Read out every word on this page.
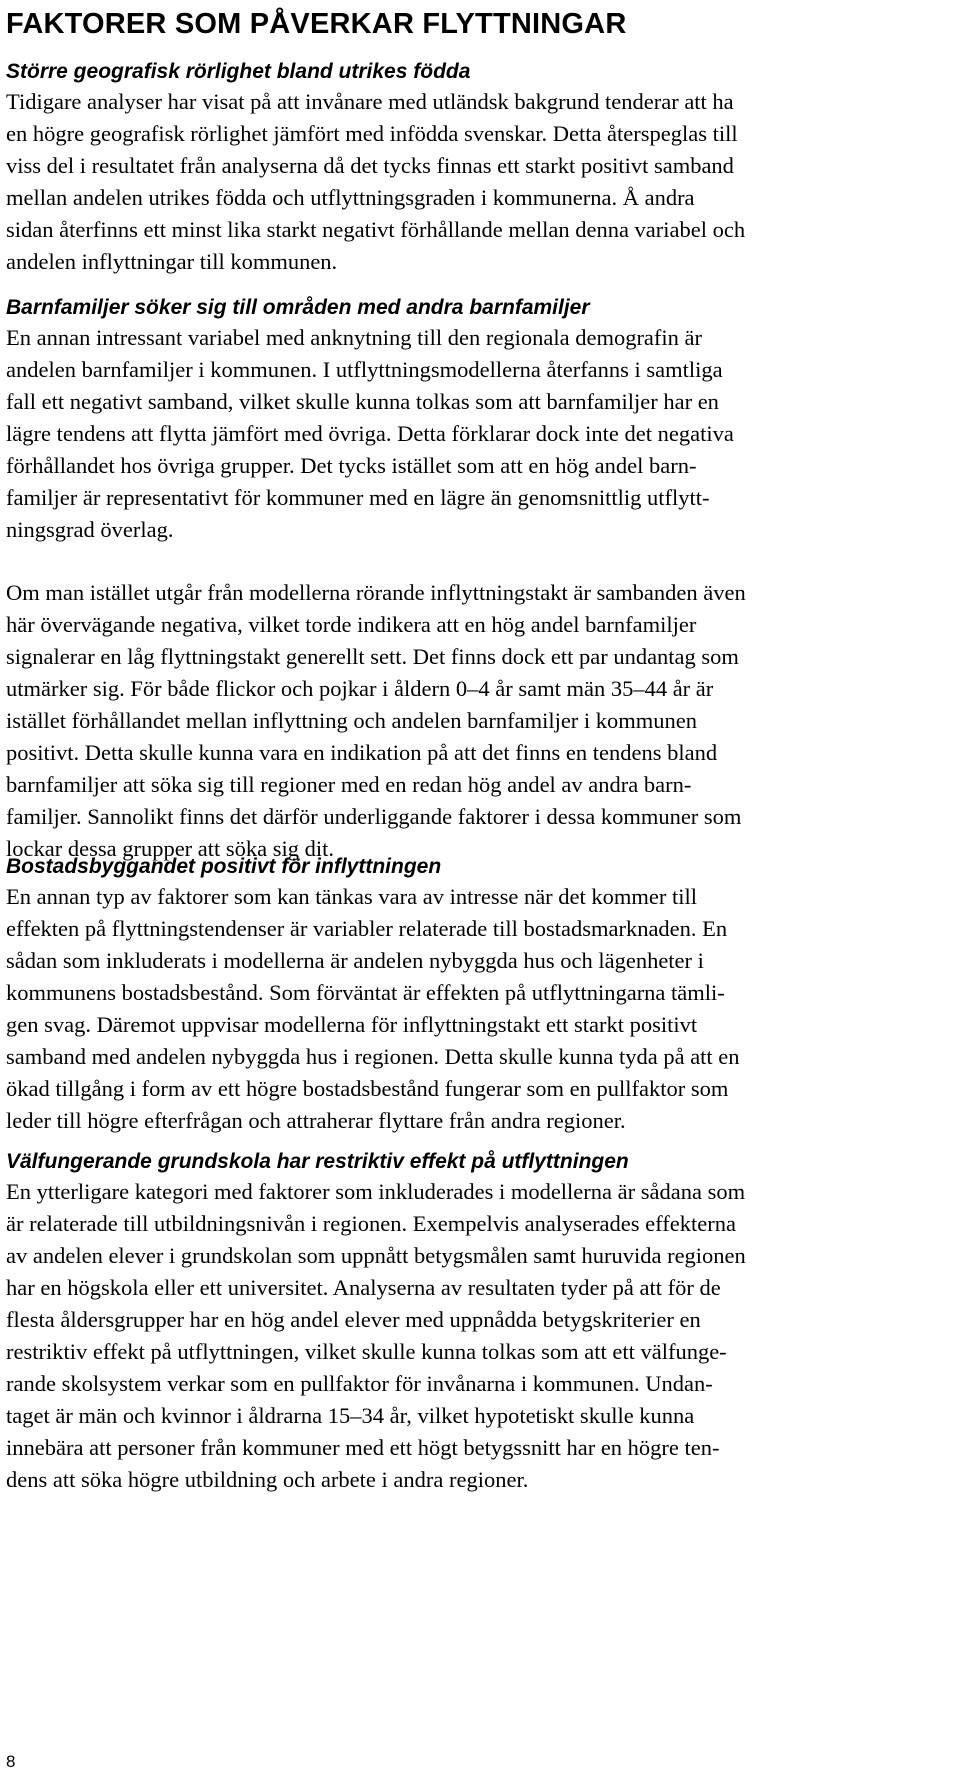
FAKTORER SOM PÅVERKAR FLYTTNINGAR
Större geografisk rörlighet bland utrikes födda

Tidigare analyser har visat på att invånare med utländsk bakgrund tenderar att ha
en högre geografisk rörlighet jämfört med infödda svenskar. Detta återspeglas till
viss del i resultatet från analyserna då det tycks finnas ett starkt positivt samband
mellan andelen utrikes födda och utflyttningsgraden i kommunerna. Å andra
sidan återfinns ett minst lika starkt negativt förhållande mellan denna variabel och
andelen inflyttningar till kommunen.

Barnfamiljer söker sig till områden med andra barnfamiljer

En annan intressant variabel med anknytning till den regionala demografin är
andelen barnfamiljer i kommunen. I utflyttningsmodellerna återfanns i samtliga
fall ett negativt samband, vilket skulle kunna tolkas som att barnfamiljer har en
lägre tendens att flytta jämfört med övriga. Detta förklarar dock inte det negativa
förhållandet hos övriga grupper. Det tycks istället som att en hög andel barn-
familjer är representativt för kommuner med en lägre än genomsnittlig utflytt-
ningsgrad överlag.

Om man istället utgår från modellerna rörande inflyttningstakt är sambanden även
här övervägande negativa, vilket torde indikera att en hög andel barnfamiljer
signalerar en låg flyttningstakt generellt sett. Det finns dock ett par undantag som
utmärker sig. För både flickor och pojkar i åldern 0–4 år samt män 35–44 år är
istället förhållandet mellan inflyttning och andelen barnfamiljer i kommunen
positivt. Detta skulle kunna vara en indikation på att det finns en tendens bland
barnfamiljer att söka sig till regioner med en redan hög andel av andra barn-
familjer. Sannolikt finns det därför underliggande faktorer i dessa kommuner som
lockar dessa grupper att söka sig dit.

Bostadsbyggandet positivt för inflyttningen

En annan typ av faktorer som kan tänkas vara av intresse när det kommer till
effekten på flyttningstendenser är variabler relaterade till bostadsmarknaden. En
sådan som inkluderats i modellerna är andelen nybyggda hus och lägenheter i
kommunens bostadsbestånd. Som förväntat är effekten på utflyttningarna tämli-
gen svag. Däremot uppvisar modellerna för inflyttningstakt ett starkt positivt
samband med andelen nybyggda hus i regionen. Detta skulle kunna tyda på att en
ökad tillgång i form av ett högre bostadsbestånd fungerar som en pullfaktor som
leder till högre efterfrågan och attraherar flyttare från andra regioner.

Välfungerande grundskola har restriktiv effekt på utflyttningen

En ytterligare kategori med faktorer som inkluderades i modellerna är sådana som
är relaterade till utbildningsnivån i regionen. Exempelvis analyserades effekterna
av andelen elever i grundskolan som uppnått betygsmålen samt huruvida regionen
har en högskola eller ett universitet. Analyserna av resultaten tyder på att för de
flesta åldersgrupper har en hög andel elever med uppnådda betygskriterier en
restriktiv effekt på utflyttningen, vilket skulle kunna tolkas som att ett välfunge-
rande skolsystem verkar som en pullfaktor för invånarna i kommunen. Undan-
taget är män och kvinnor i åldrarna 15–34 år, vilket hypotetiskt skulle kunna
innebära att personer från kommuner med ett högt betygssnitt har en högre ten-
dens att söka högre utbildning och arbete i andra regioner.

8
